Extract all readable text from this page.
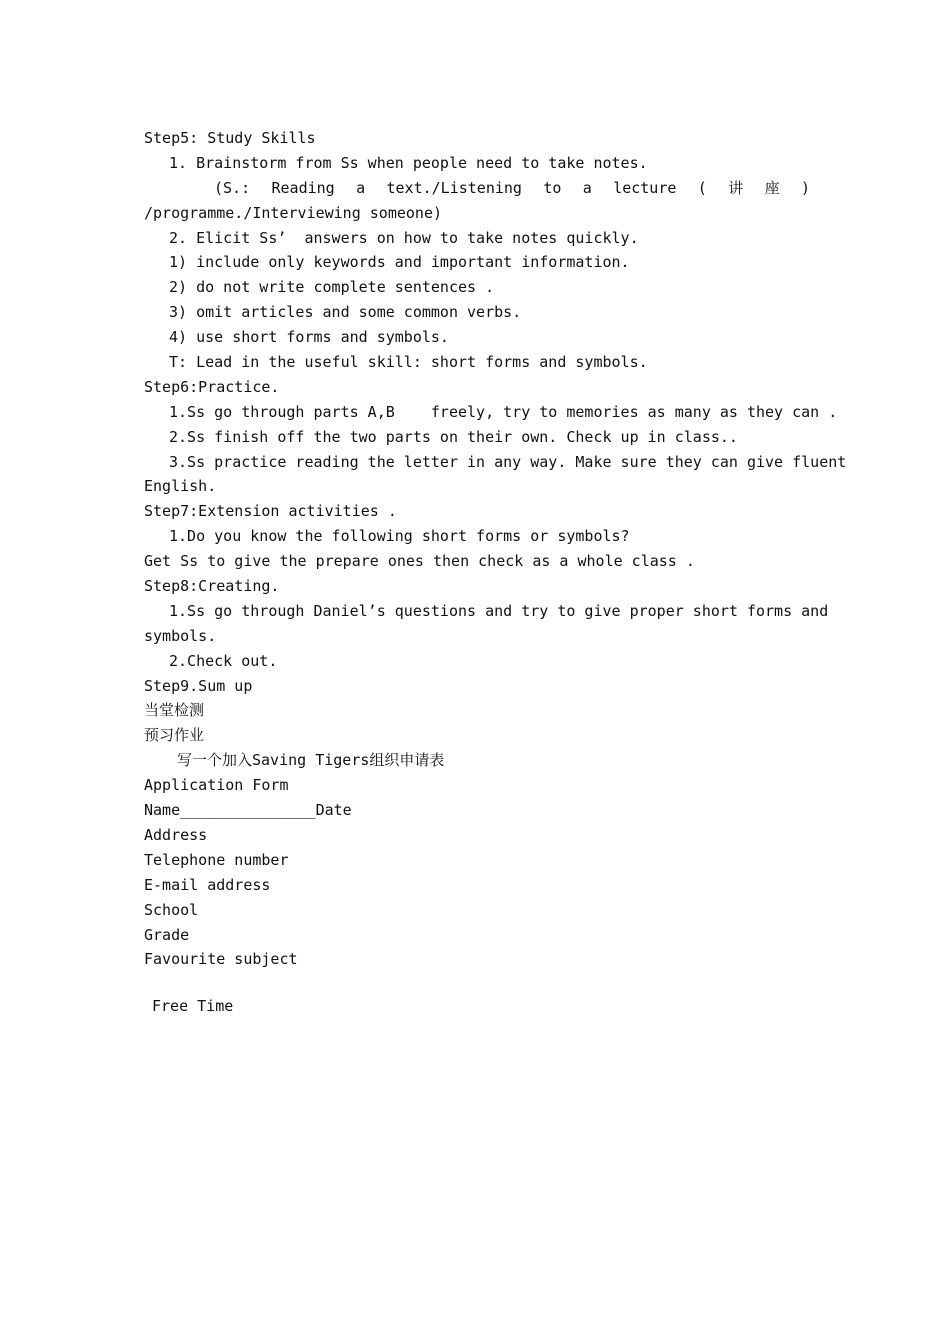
Step5: Study Skills
1. Brainstorm from Ss when people need to take notes.
(S.: Reading a text./Listening to a lecture ( 讲 座 )
/programme./Interviewing someone)
2. Elicit Ss’  answers on how to take notes quickly.
1) include only keywords and important information.
2) do not write complete sentences .
3) omit articles and some common verbs.
4) use short forms and symbols.
T: Lead in the useful skill: short forms and symbols.
Step6:Practice.
1.Ss go through parts A,B    freely, try to memories as many as they can .
2.Ss finish off the two parts on their own. Check up in class..
3.Ss practice reading the letter in any way. Make sure they can give fluent
English.
Step7:Extension activities .
1.Do you know the following short forms or symbols?
Get Ss to give the prepare ones then check as a whole class .
Step8:Creating.
1.Ss go through Daniel’s questions and try to give proper short forms and
symbols.
2.Check out.
Step9.Sum up
当堂检测
预习作业
写一个加入Saving Tigers组织申请表
Application Form
Name_______________Date
Address
Telephone number
E-mail address
School
Grade
Favourite subject
Free Time
